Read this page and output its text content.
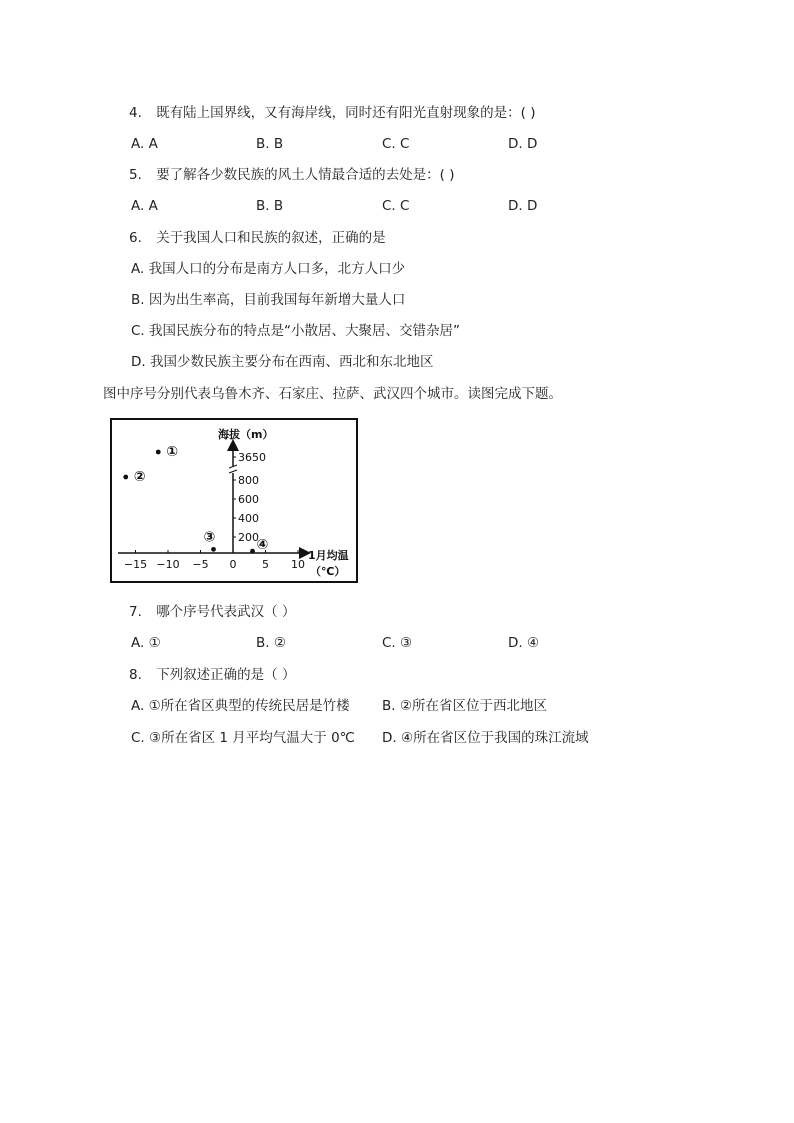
4. 既有陆上国界线，又有海岸线，同时还有阳光直射现象的是：( )
A. A	B. B	C. C	D. D
5. 要了解各少数民族的风土人情最合适的去处是：( )
A. A	B. B	C. C	D. D
6. 关于我国人口和民族的叙述，正确的是
A. 我国人口的分布是南方人口多，北方人口少
B. 因为出生率高，目前我国每年新增大量人口
C. 我国民族分布的特点是“小散居、大聚居、交错杂居”
D. 我国少数民族主要分布在西南、西北和东北地区
图中序号分别代表乌鲁木齐、石家庄、拉萨、武汉四个城市。读图完成下题。
海拔（m）
1月均温
（℃）
−15 −10 −5 0 5 10
3650
800
600
400
200
①
②
③	④
7. 哪个序号代表武汉（ ）
A. ①	B. ②	C. ③	D. ④
8. 下列叙述正确的是（ ）
A. ①所在省区典型的传统民居是竹楼 B. ②所在省区位于西北地区
C. ③所在省区 1 月平均气温大于 0℃ D. ④所在省区位于我国的珠江流域
